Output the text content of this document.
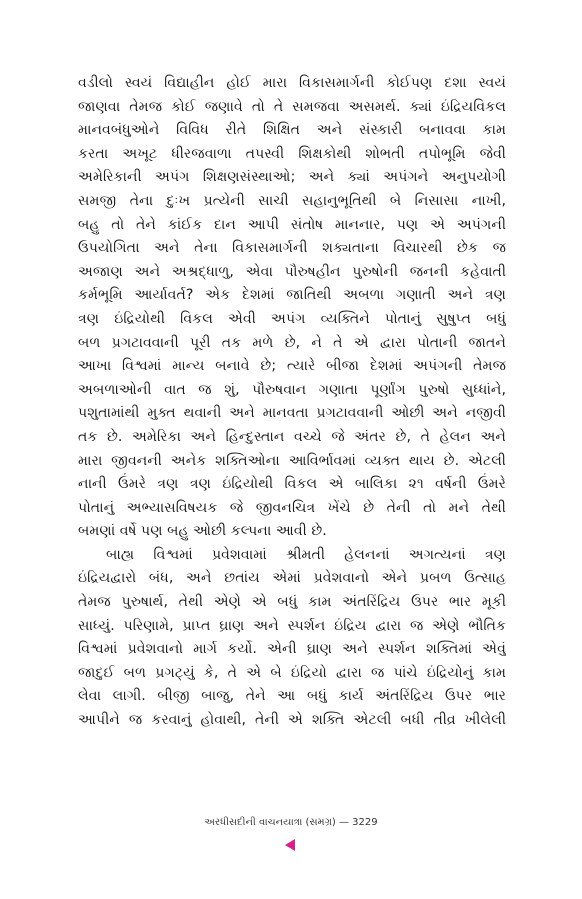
વડીલો સ્વયં વિદ્યાહીન હોઈ મારા વિકાસમાર્ગની કોઈપણ દશા સ્વયં
જાણવા તેમજ કોઈ જણાવે તો તે સમજવા અસમર્થ. ક્યાં ઇંદ્રિયવિકલ
માનવબંધુઓને વિવિધ રીતે શિક્ષિત અને સંસ્કારી બનાવવા કામ
કરતા અખૂટ ધીરજવાળા તપસ્વી શિક્ષકોથી શોભતી તપોભૂમિ જેવી
અમેરિકાની અપંગ શિક્ષણસંસ્થાઓ; અને ક્યાં અપંગને અનુપયોગી
સમજી તેના દુઃખ પ્રત્યેની સાચી સહાનુભૂતિથી બે નિસાસા નાખી,
બહુ તો તેને કાંઈક દાન આપી સંતોષ માનનાર, પણ એ અપંગની
ઉપયોગિતા અને તેના વિકાસમાર્ગની શક્યતાના વિચારથી છેક જ
અજાણ અને અશ્રદ્ધાળુ, એવા પૌરુષહીન પુરુષોની જનની કહેવાતી
કર્મભૂમિ આર્યાવર્ત? એક દેશમાં જાતિથી અબળા ગણાતી અને ત્રણ
ત્રણ ઇંદ્રિયોથી વિકલ એવી અપંગ વ્યક્તિને પોતાનું સુષુપ્ત બધું
બળ પ્રગટાવવાની પૂરી તક મળે છે, ને તે એ દ્વારા પોતાની જાતને
આખા વિશ્વમાં માન્ય બનાવે છે; ત્યારે બીજા દેશમાં અપંગની તેમજ
અબળાઓની વાત જ શું, પૌરુષવાન ગણાતા પૂર્ણાંગ પુરુષો સુધ્ધાંને,
પશુતામાંથી મુક્ત થવાની અને માનવતા પ્રગટાવવાની ઓછી અને નજીવી
તક છે. અમેરિકા અને હિન્દુસ્તાન વચ્ચે જે અંતર છે, તે હેલન અને
મારા જીવનની અનેક શક્તિઓના આવિર્ભાવમાં વ્યક્ત થાય છે. એટલી
નાની ઉંમરે ત્રણ ત્રણ ઇંદ્રિયોથી વિકલ એ બાલિકા ૨૧ વર્ષની ઉંમરે
પોતાનું અભ્યાસવિષયક જે જીવનચિત્ર ખેંચે છે તેની તો મને તેથી
બમણાં વર્ષે પણ બહુ ઓછી કલ્પના આવી છે.
બાહ્ય વિશ્વમાં પ્રવેશવામાં શ્રીમતી હેલનનાં અગત્યનાં ત્રણ
ઇંદ્રિયદ્વારો બંધ, અને છતાંય એમાં પ્રવેશવાનો એને પ્રબળ ઉત્સાહ
તેમજ પુરુષાર્થ, તેથી એણે એ બધું કામ અંતરિંદ્રિય ઉપર ભાર મૂકી
સાધ્યું. પરિણામે, પ્રાપ્ત ઘ્રાણ અને સ્પર્શન ઇંદ્રિય દ્વારા જ એણે ભૌતિક
વિશ્વમાં પ્રવેશવાનો માર્ગ કર્યો. એની ઘ્રાણ અને સ્પર્શન શક્તિમાં એવું
જાદુઈ બળ પ્રગટ્યું કે, તે એ બે ઇંદ્રિયો દ્વારા જ પાંચે ઇંદ્રિયોનું કામ
લેવા લાગી. બીજી બાજુ, તેને આ બધું કાર્ય અંતરિંદ્રિય ઉપર ભાર
આપીને જ કરવાનું હોવાથી, તેની એ શક્તિ એટલી બધી તીવ્ર ખીલેલી
અરધીસદીની વાચનયાત્રા (સમગ્ર) — 3229
